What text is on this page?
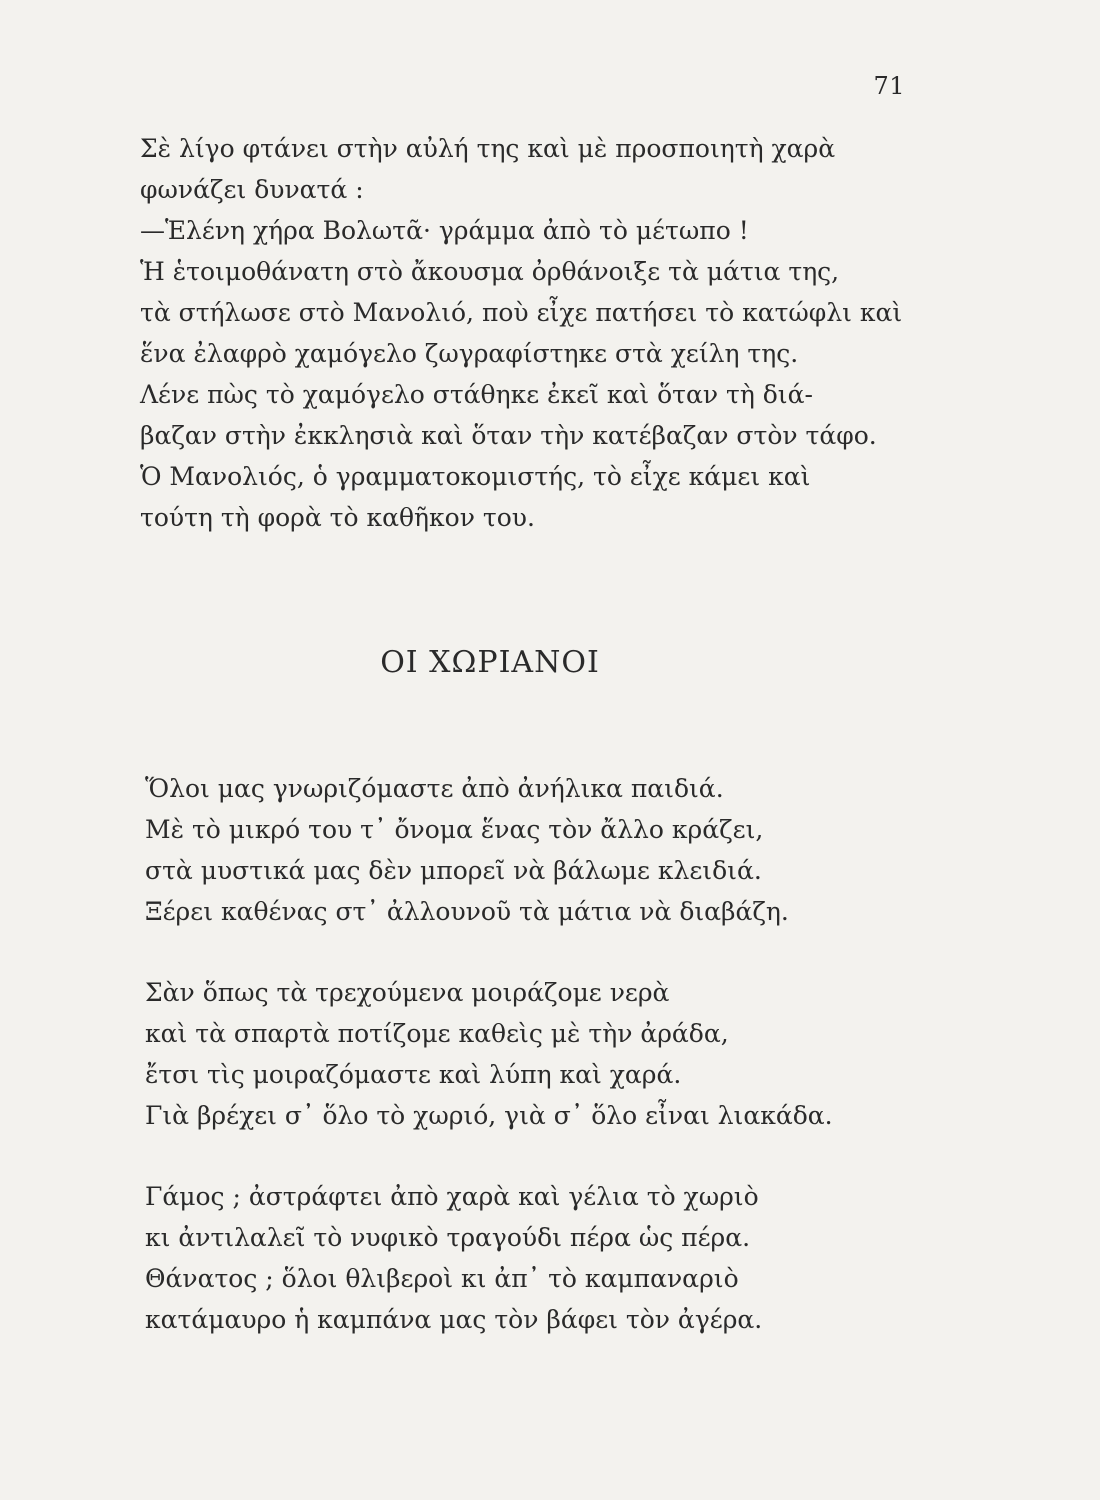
71
Σὲ λίγο φτάνει στὴν αὐλή της καὶ μὲ προσποιητὴ χαρὰ
φωνάζει δυνατά :
—Ἑλένη χήρα Βολωτᾶ· γράμμα ἀπὸ τὸ μέτωπο !
Ἡ ἑτοιμοθάνατη στὸ ἄκουσμα ὀρθάνοιξε τὰ μάτια της,
τὰ στήλωσε στὸ Μανολιό, ποὺ εἶχε πατήσει τὸ κατώφλι καὶ
ἕνα ἐλαφρὸ χαμόγελο ζωγραφίστηκε στὰ χείλη της.
Λένε πὼς τὸ χαμόγελο στάθηκε ἐκεῖ καὶ ὅταν τὴ διά-
βαζαν στὴν ἐκκλησιὰ καὶ ὅταν τὴν κατέβαζαν στὸν τάφο.
Ὁ Μανολιός, ὁ γραμματοκομιστής, τὸ εἶχε κάμει καὶ
τούτη τὴ φορὰ τὸ καθῆκον του.
ΟΙ ΧΩΡΙΑΝΟΙ
Ὅλοι μας γνωριζόμαστε ἀπὸ ἀνήλικα παιδιά.
Μὲ τὸ μικρό του τ᾿ ὄνομα ἕνας τὸν ἄλλο κράζει,
στὰ μυστικά μας δὲν μπορεῖ νὰ βάλωμε κλειδιά.
Ξέρει καθένας στ᾿ ἀλλουνοῦ τὰ μάτια νὰ διαβάζη.
Σὰν ὅπως τὰ τρεχούμενα μοιράζομε νερὰ
καὶ τὰ σπαρτὰ ποτίζομε καθεὶς μὲ τὴν ἀράδα,
ἔτσι τὶς μοιραζόμαστε καὶ λύπη καὶ χαρά.
Γιὰ βρέχει σ᾿ ὅλο τὸ χωριό, γιὰ σ᾿ ὅλο εἶναι λιακάδα.
Γάμος ; ἀστράφτει ἀπὸ χαρὰ καὶ γέλια τὸ χωριὸ
κι ἀντιλαλεῖ τὸ νυφικὸ τραγούδι πέρα ὡς πέρα.
Θάνατος ; ὅλοι θλιβεροὶ κι ἀπ᾿ τὸ καμπαναριὸ
κατάμαυρο ἡ καμπάνα μας τὸν βάφει τὸν ἀγέρα.
